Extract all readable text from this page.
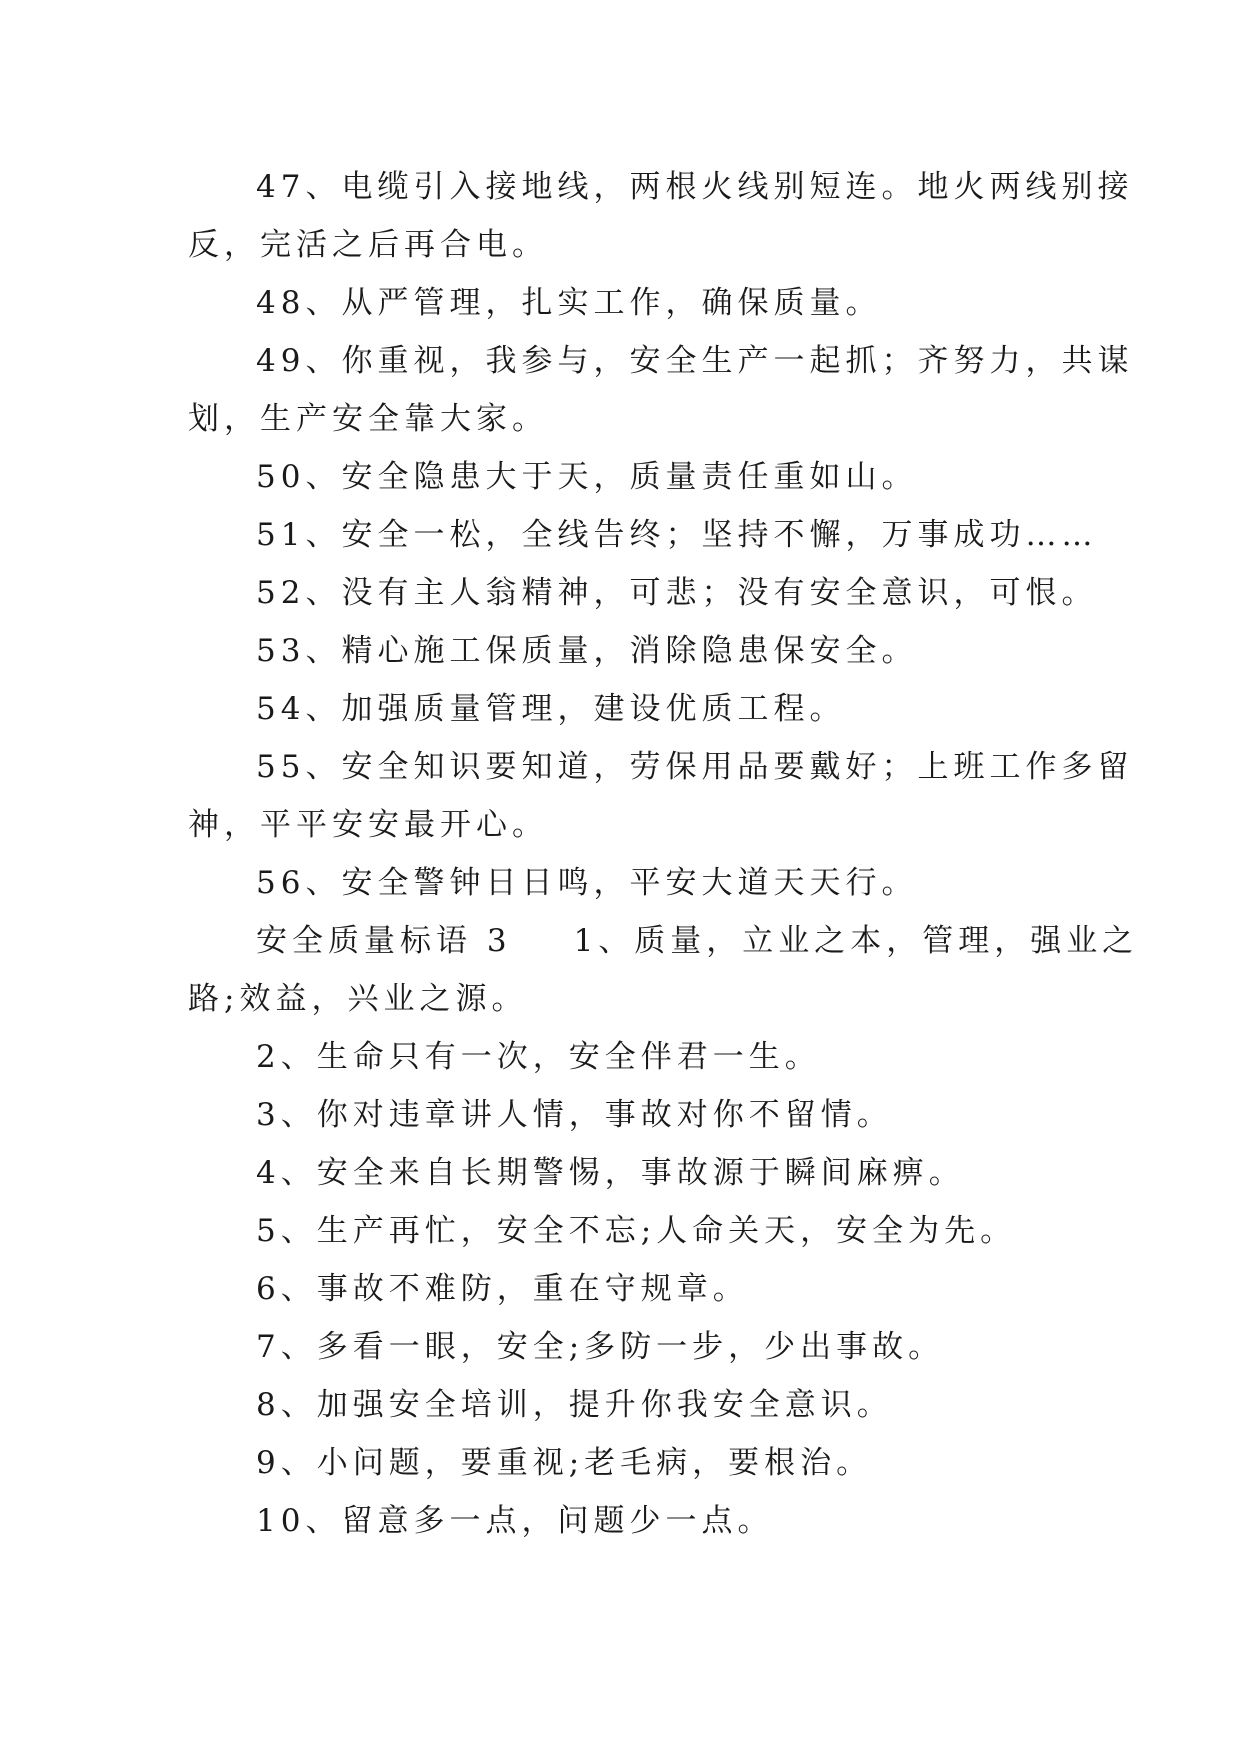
47、电缆引入接地线，两根火线别短连。地火两线别接
反，完活之后再合电。
48、从严管理，扎实工作，确保质量。
49、你重视，我参与，安全生产一起抓；齐努力，共谋
划，生产安全靠大家。
50、安全隐患大于天，质量责任重如山。
51、安全一松，全线告终；坚持不懈，万事成功……
52、没有主人翁精神，可悲；没有安全意识，可恨。
53、精心施工保质量，消除隐患保安全。
54、加强质量管理，建设优质工程。
55、安全知识要知道，劳保用品要戴好；上班工作多留
神，平平安安最开心。
56、安全警钟日日鸣，平安大道天天行。
安全质量标语 3 1、质量，立业之本，管理，强业之
路;效益，兴业之源。
2、生命只有一次，安全伴君一生。
3、你对违章讲人情，事故对你不留情。
4、安全来自长期警惕，事故源于瞬间麻痹。
5、生产再忙，安全不忘;人命关天，安全为先。
6、事故不难防，重在守规章。
7、多看一眼，安全;多防一步，少出事故。
8、加强安全培训，提升你我安全意识。
9、小问题，要重视;老毛病，要根治。
10、留意多一点，问题少一点。
